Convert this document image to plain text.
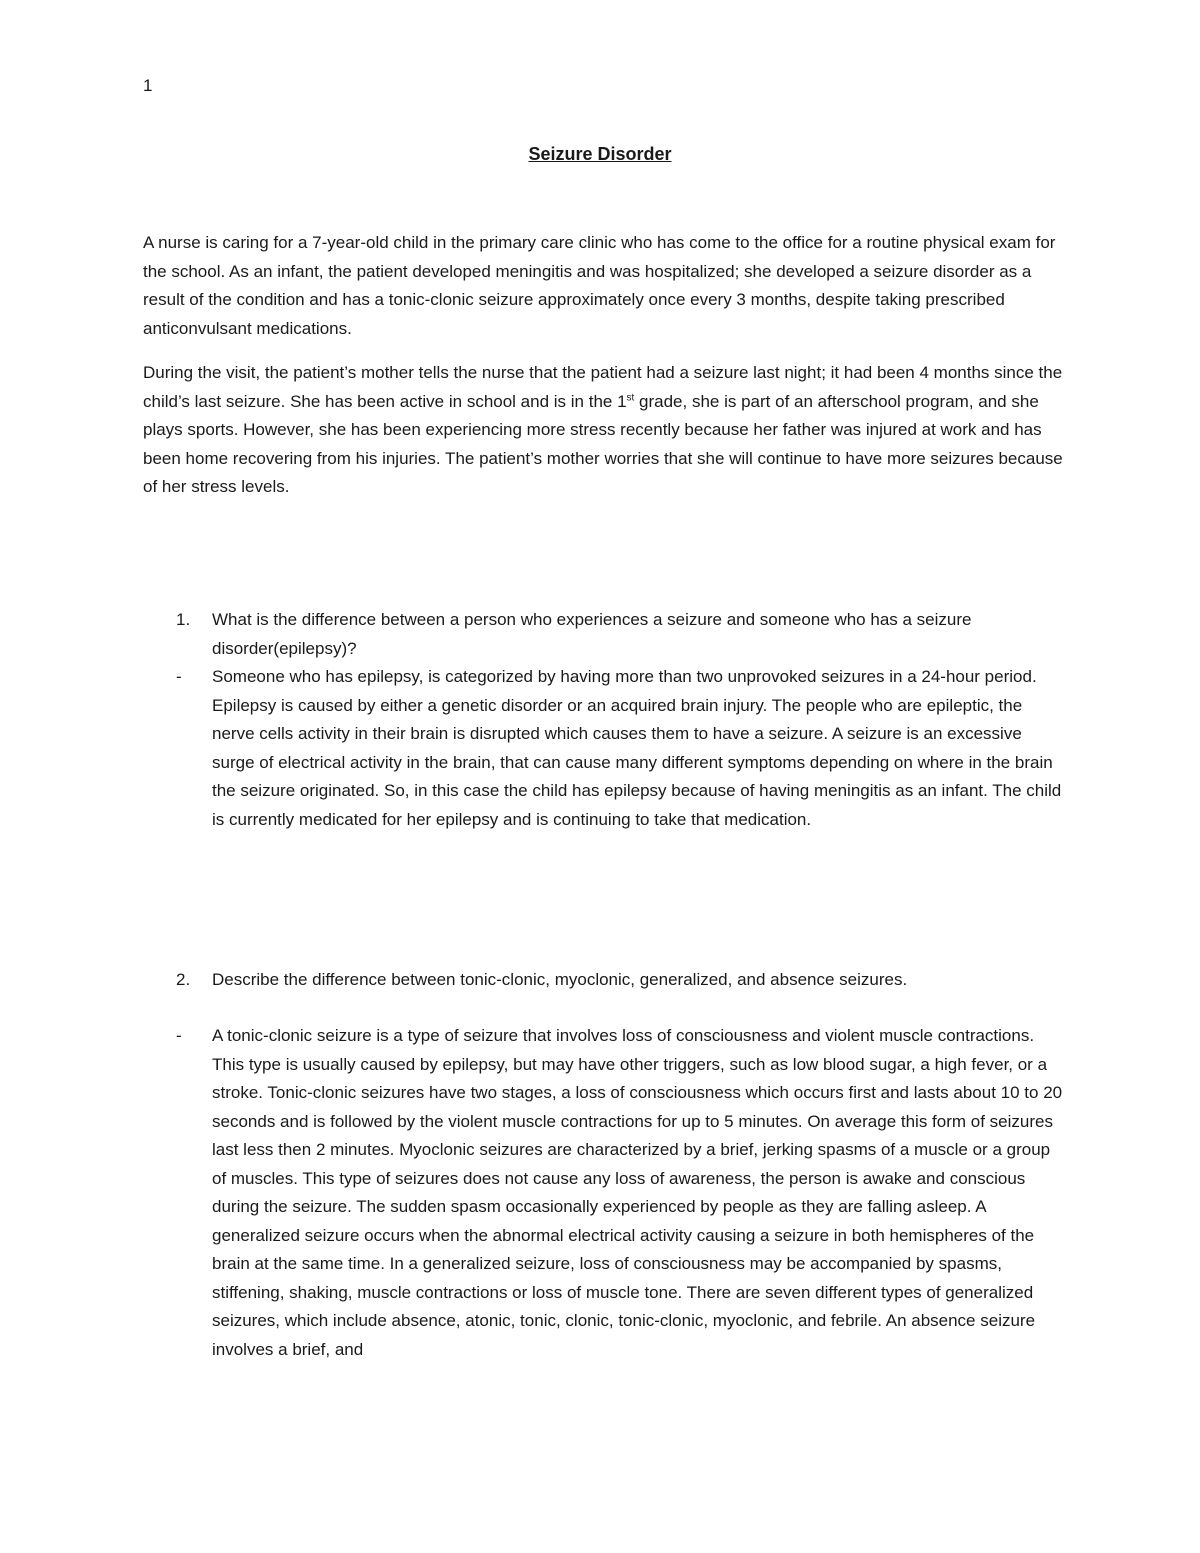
1
Seizure Disorder

A nurse is caring for a 7-year-old child in the primary care clinic who has come to the office for a routine physical exam for the school. As an infant, the patient developed meningitis and was hospitalized; she developed a seizure disorder as a result of the condition and has a tonic-clonic seizure approximately once every 3 months, despite taking prescribed anticonvulsant medications.

During the visit, the patient’s mother tells the nurse that the patient had a seizure last night; it had been 4 months since the child’s last seizure. She has been active in school and is in the 1st grade, she is part of an afterschool program, and she plays sports. However, she has been experiencing more stress recently because her father was injured at work and has been home recovering from his injuries. The patient’s mother worries that she will continue to have more seizures because of her stress levels.

1.	What is the difference between a person who experiences a seizure and someone who has a seizure disorder(epilepsy)?
-	Someone who has epilepsy, is categorized by having more than two unprovoked seizures in a 24-hour period. Epilepsy is caused by either a genetic disorder or an acquired brain injury. The people who are epileptic, the nerve cells activity in their brain is disrupted which causes them to have a seizure. A seizure is an excessive surge of electrical activity in the brain, that can cause many different symptoms depending on where in the brain the seizure originated. So, in this case the child has epilepsy because of having meningitis as an infant. The child is currently medicated for her epilepsy and is continuing to take that medication.
2.	Describe the difference between tonic-clonic, myoclonic, generalized, and absence seizures.
-	A tonic-clonic seizure is a type of seizure that involves loss of consciousness and violent muscle contractions. This type is usually caused by epilepsy, but may have other triggers, such as low blood sugar, a high fever, or a stroke. Tonic-clonic seizures have two stages, a loss of consciousness which occurs first and lasts about 10 to 20 seconds and is followed by the violent muscle contractions for up to 5 minutes. On average this form of seizures last less then 2 minutes. Myoclonic seizures are characterized by a brief, jerking spasms of a muscle or a group of muscles. This type of seizures does not cause any loss of awareness, the person is awake and conscious during the seizure. The sudden spasm occasionally experienced by people as they are falling asleep. A generalized seizure occurs when the abnormal electrical activity causing a seizure in both hemispheres of the brain at the same time. In a generalized seizure, loss of consciousness may be accompanied by spasms, stiffening, shaking, muscle contractions or loss of muscle tone. There are seven different types of generalized seizures, which include absence, atonic, tonic, clonic, tonic-clonic, myoclonic, and febrile. An absence seizure involves a brief, and
